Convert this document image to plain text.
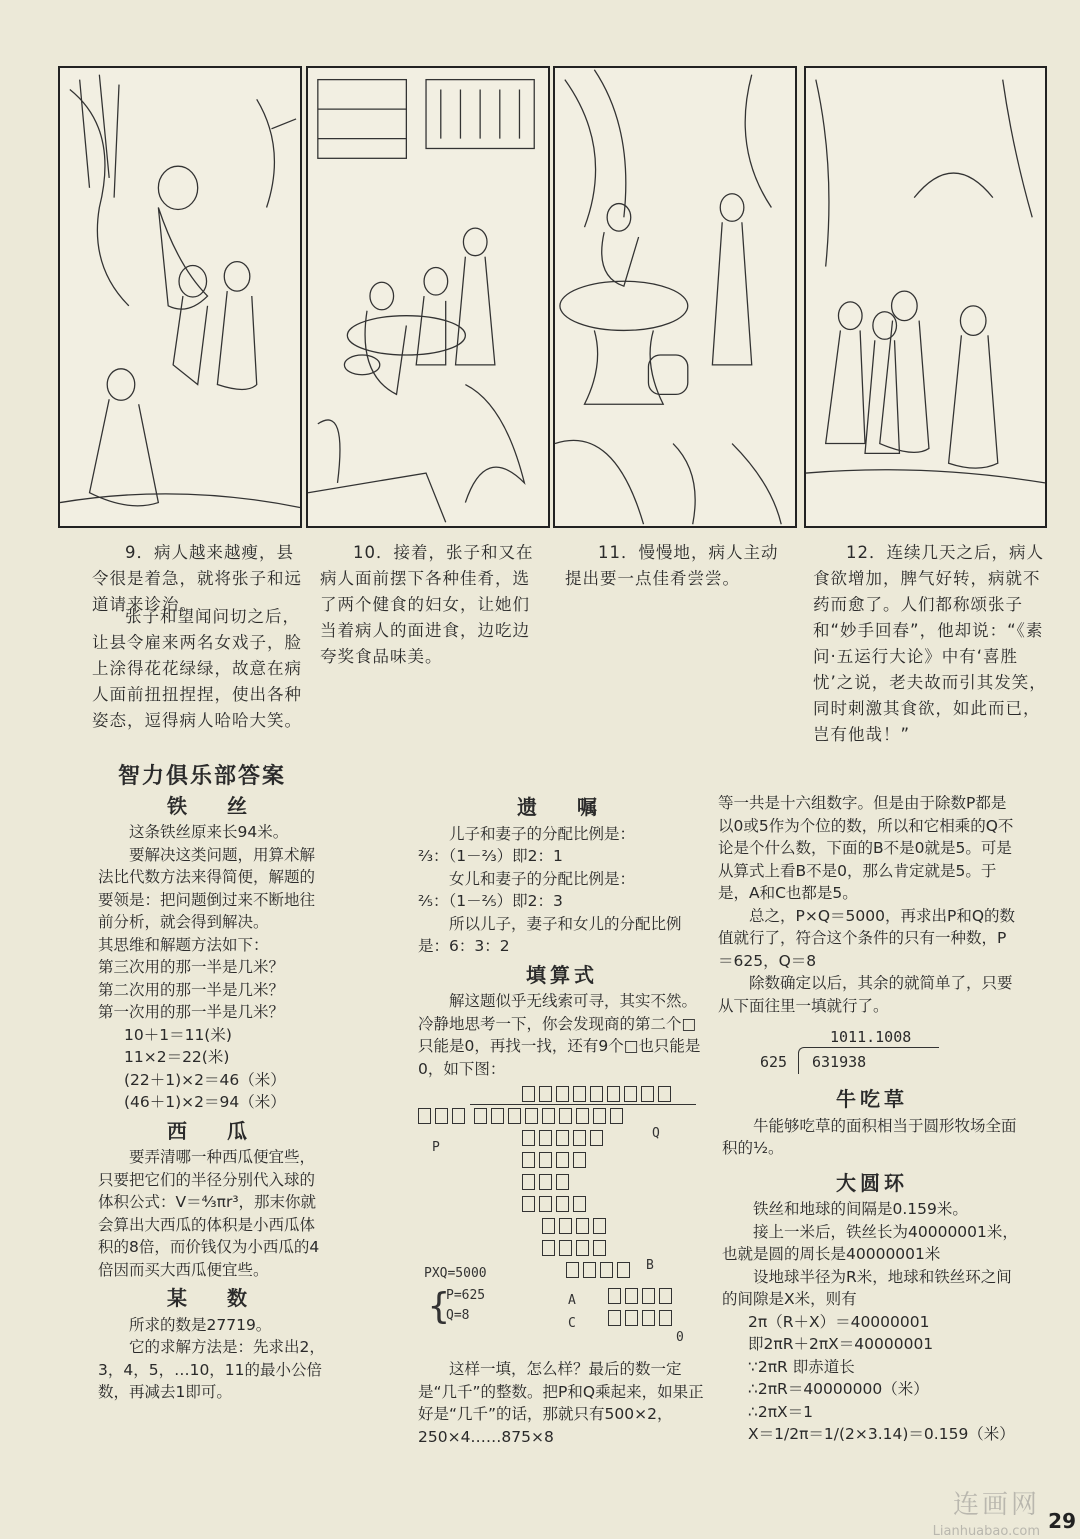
9．病人越来越瘦，县令很是着急，就将张子和远道请来诊治。
张子和望闻问切之后，让县令雇来两名女戏子，脸上涂得花花绿绿，故意在病人面前扭扭捏捏，使出各种姿态，逗得病人哈哈大笑。
10．接着，张子和又在病人面前摆下各种佳肴，选了两个健食的妇女，让她们当着病人的面进食，边吃边夸奖食品味美。
11．慢慢地，病人主动提出要一点佳肴尝尝。
12．连续几天之后，病人食欲增加，脾气好转，病就不药而愈了。人们都称颂张子和“妙手回春”，他却说：“《素问·五运行大论》中有‘喜胜忧’之说，老夫故而引其发笑，同时刺激其食欲，如此而已，岂有他哉！”
智力俱乐部答案
铁　丝

这条铁丝原来长94米。

要解决这类问题，用算术解法比代数方法来得简便，解题的要领是：把问题倒过来不断地往前分析，就会得到解决。

其思维和解题方法如下：

第三次用的那一半是几米？

第二次用的那一半是几米？

第一次用的那一半是几米？

10＋1＝11(米)

11×2＝22(米)

(22＋1)×2＝46（米）

(46＋1)×2＝94（米）

西　瓜

要弄清哪一种西瓜便宜些，只要把它们的半径分别代入球的体积公式：V＝⁴⁄₃πr³，那末你就会算出大西瓜的体积是小西瓜体积的8倍，而价钱仅为小西瓜的4倍因而买大西瓜便宜些。

某　数

所求的数是27719。

它的求解方法是：先求出2，3，4，5，…10，11的最小公倍数，再减去1即可。

遗　嘱

儿子和妻子的分配比例是：

⅔：（1－⅔）即2：1

女儿和妻子的分配比例是：

⅖：（1－⅖）即2：3

所以儿子，妻子和女儿的分配比例是：6：3：2

填算式

解这题似乎无线索可寻，其实不然。冷静地思考一下，你会发现商的第二个□只能是0，再找一找，还有9个□也只能是0，如下图：

P
Q
B
A
C
0
PXQ=5000
P=625
Q=8
{

这样一填，怎么样？最后的数一定是“几千”的整数。把P和Q乘起来，如果正好是“几千”的话，那就只有500×2，250×4……875×8

等一共是十六组数字。但是由于除数P都是以0或5作为个位的数，所以和它相乘的Q不论是个什么数，下面的B不是0就是5。可是从算式上看B不是0，那么肯定就是5。于是，A和C也都是5。

总之，P×Q＝5000，再求出P和Q的数值就行了，符合这个条件的只有一种数，P＝625，Q＝8

除数确定以后，其余的就简单了，只要从下面往里一填就行了。

1011.1008
625 631938
牛吃草

牛能够吃草的面积相当于圆形牧场全面积的½。

大圆环

铁丝和地球的间隔是0.159米。

接上一米后，铁丝长为40000001米，也就是圆的周长是40000001米

设地球半径为R米，地球和铁丝环之间的间隙是X米，则有

2π（R＋X）＝40000001

即2πR＋2πX＝40000001

∵2πR 即赤道长

∴2πR＝40000000（米）

∴2πX＝1

X＝1/2π＝1/(2×3.14)＝0.159（米）

连画网
Lianhuabao.com 29
